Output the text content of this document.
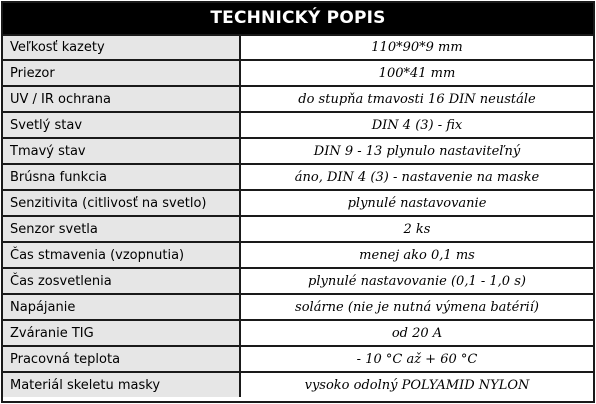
TECHNICKÝ POPIS
Veľkosť kazety	110*90*9 mm
Priezor	100*41 mm
UV / IR ochrana	do stupňa tmavosti 16 DIN neustále
Svetlý stav	DIN 4 (3) - fix
Tmavý stav	DIN 9 - 13 plynulo nastaviteľný
Brúsna funkcia	áno, DIN 4 (3) - nastavenie na maske
Senzitivita (citlivosť na svetlo)	plynulé nastavovanie
Senzor svetla	2 ks
Čas stmavenia (vzopnutia)	menej ako 0,1 ms
Čas zosvetlenia	plynulé nastavovanie (0,1 - 1,0 s)
Napájanie	solárne (nie je nutná výmena batérií)
Zváranie TIG	od 20 A
Pracovná teplota	- 10 °C až + 60 °C
Materiál skeletu masky	vysoko odolný POLYAMID NYLON
